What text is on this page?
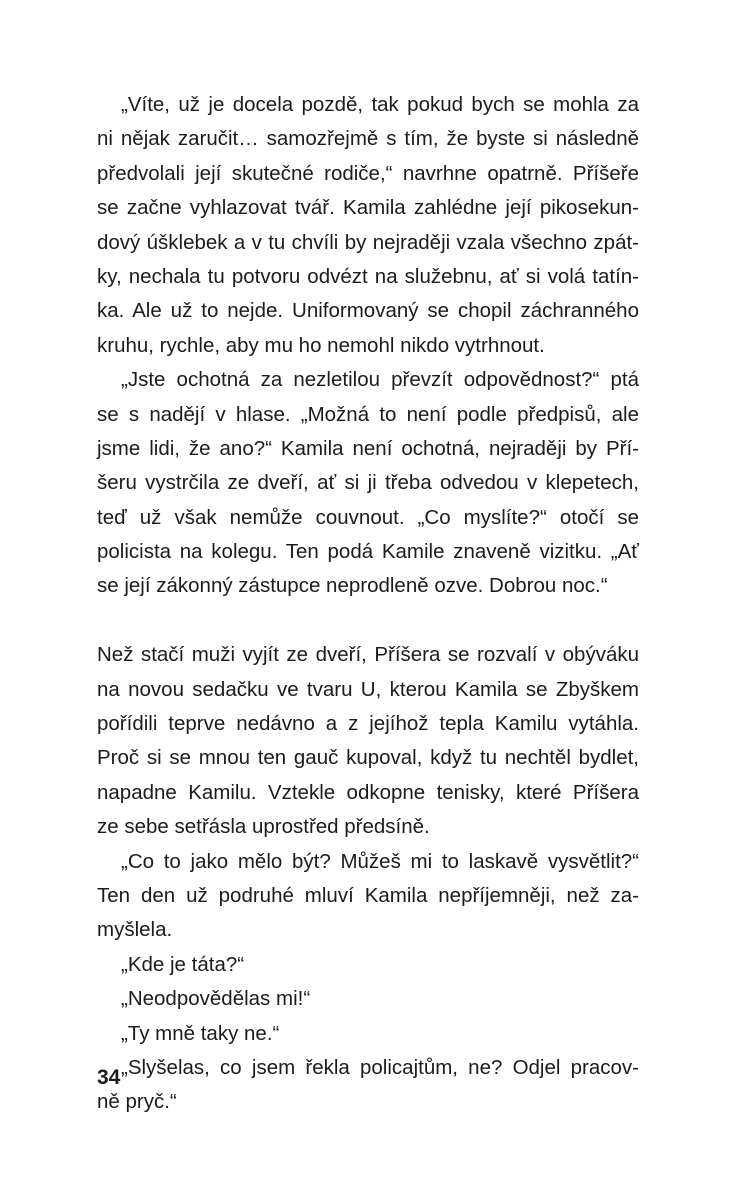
„Víte, už je docela pozdě, tak pokud bych se mohla za
ni nějak zaručit… samozřejmě s tím, že byste si následně
předvolali její skutečné rodiče,“ navrhne opatrně. Příšeře
se začne vyhlazovat tvář. Kamila zahlédne její pikosekun-
dový úšklebek a v tu chvíli by nejraději vzala všechno zpát-
ky, nechala tu potvoru odvézt na služebnu, ať si volá tatín-
ka. Ale už to nejde. Uniformovaný se chopil záchranného
kruhu, rychle, aby mu ho nemohl nikdo vytrhnout.
„Jste ochotná za nezletilou převzít odpovědnost?“ ptá
se s nadějí v hlase. „Možná to není podle předpisů, ale
jsme lidi, že ano?“ Kamila není ochotná, nejraději by Pří-
šeru vystrčila ze dveří, ať si ji třeba odvedou v klepetech,
teď už však nemůže couvnout. „Co myslíte?“ otočí se
policista na kolegu. Ten podá Kamile znaveně vizitku. „Ať
se její zákonný zástupce neprodleně ozve. Dobrou noc.“
Než stačí muži vyjít ze dveří, Příšera se rozvalí v obýváku
na novou sedačku ve tvaru U, kterou Kamila se Zbyškem
pořídili teprve nedávno a z jejíhož tepla Kamilu vytáhla.
Proč si se mnou ten gauč kupoval, když tu nechtěl bydlet,
napadne Kamilu. Vztekle odkopne tenisky, které Příšera
ze sebe setřásla uprostřed předsíně.
„Co to jako mělo být? Můžeš mi to laskavě vysvětlit?“
Ten den už podruhé mluví Kamila nepříjemněji, než za-
myšlela.
„Kde je táta?“
„Neodpovědělas mi!“
„Ty mně taky ne.“
„Slyšelas, co jsem řekla policajtům, ne? Odjel pracov-
ně pryč.“
34
